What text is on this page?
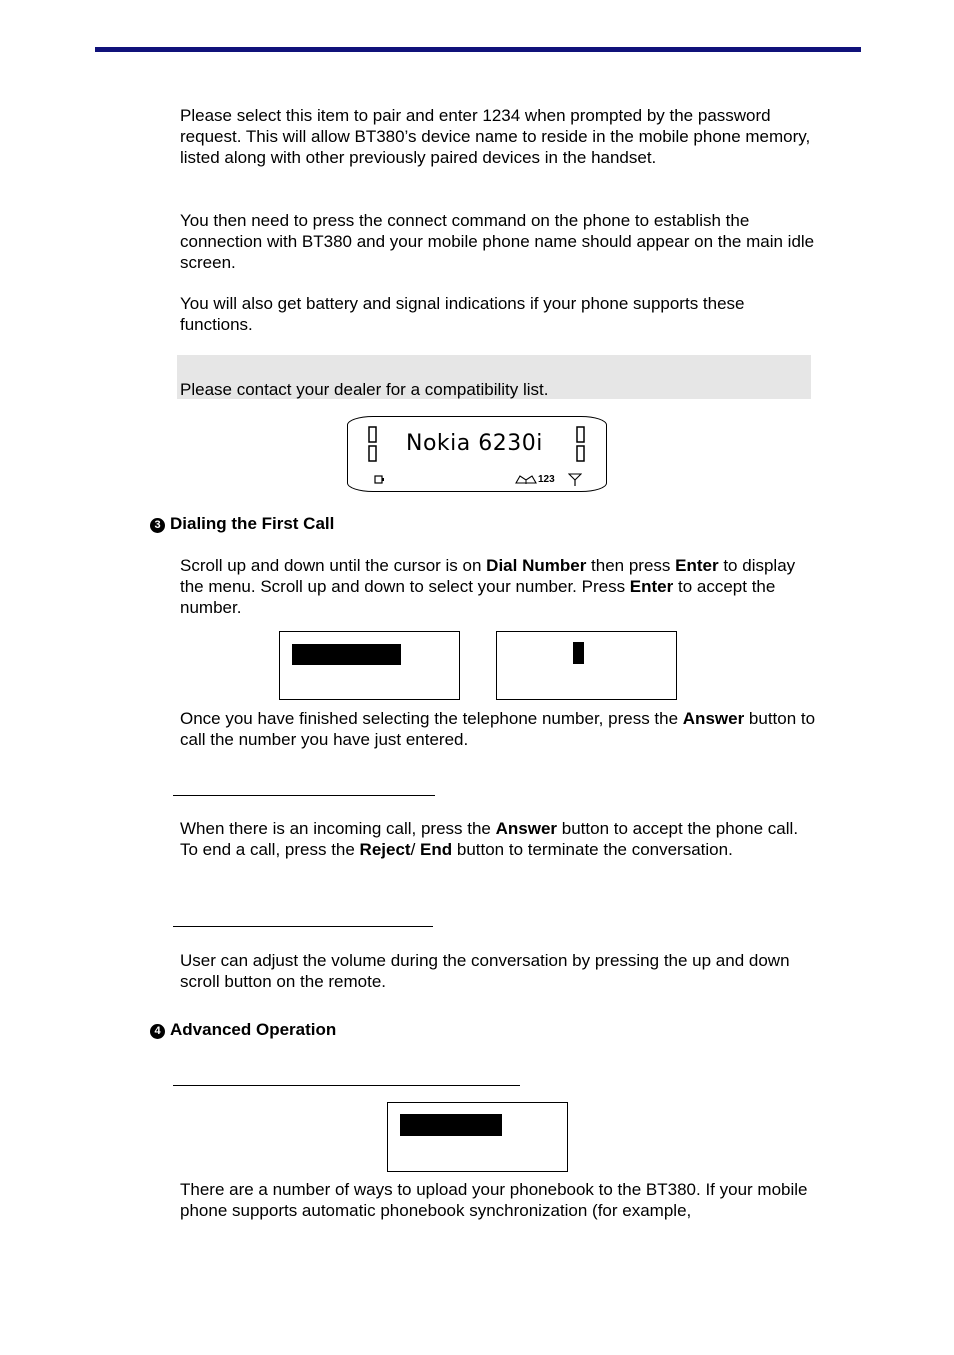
Please select this item to pair and enter 1234 when prompted by the password request. This will allow BT380’s device name to reside in the mobile phone memory, listed along with other previously paired devices in the handset.

You then need to press the connect command on the phone to establish the connection with BT380 and your mobile phone name should appear on the main idle screen.

You will also get battery and signal indications if your phone supports these functions.

Please contact your dealer for a compatibility list.

Nokia 6230i
123
3 Dialing the First Call

Scroll up and down until the cursor is on Dial Number then press Enter to display the menu. Scroll up and down to select your number. Press Enter to accept the number.

Once you have finished selecting the telephone number, press the Answer button to call the number you have just entered.

When there is an incoming call, press the Answer button to accept the phone call. To end a call, press the Reject/ End button to terminate the conversation.

User can adjust the volume during the conversation by pressing the up and down scroll button on the remote.

4 Advanced Operation

There are a number of ways to upload your phonebook to the BT380. If your mobile phone supports automatic phonebook synchronization (for example,
